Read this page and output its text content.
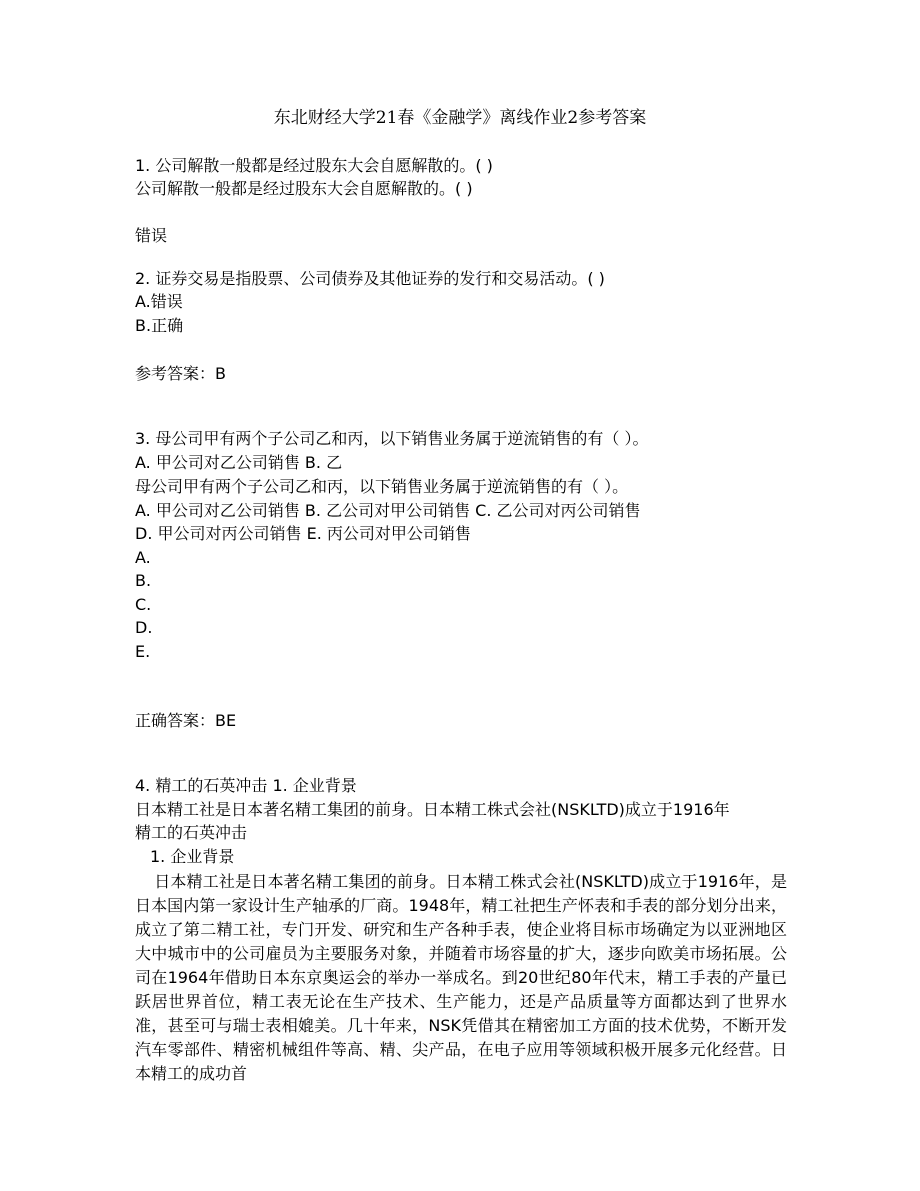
东北财经大学21春《金融学》离线作业2参考答案
1. 公司解散一般都是经过股东大会自愿解散的。( )
公司解散一般都是经过股东大会自愿解散的。( )
错误
2. 证券交易是指股票、公司债券及其他证券的发行和交易活动。( )
A.错误
B.正确
参考答案：B
3. 母公司甲有两个子公司乙和丙，以下销售业务属于逆流销售的有（ ）。
A. 甲公司对乙公司销售 B. 乙
母公司甲有两个子公司乙和丙，以下销售业务属于逆流销售的有（ ）。
A. 甲公司对乙公司销售 B. 乙公司对甲公司销售 C. 乙公司对丙公司销售
D. 甲公司对丙公司销售 E. 丙公司对甲公司销售
A.
B.
C.
D.
E.
正确答案：BE
4. 精工的石英冲击 1. 企业背景
日本精工社是日本著名精工集团的前身。日本精工株式会社(NSKLTD)成立于1916年
精工的石英冲击
1. 企业背景
日本精工社是日本著名精工集团的前身。日本精工株式会社(NSKLTD)成立于1916年，是日本国内第一家设计生产轴承的厂商。1948年，精工社把生产怀表和手表的部分划分出来，成立了第二精工社，专门开发、研究和生产各种手表，使企业将目标市场确定为以亚洲地区大中城市中的公司雇员为主要服务对象，并随着市场容量的扩大，逐步向欧美市场拓展。公司在1964年借助日本东京奥运会的举办一举成名。到20世纪80年代末，精工手表的产量已跃居世界首位，精工表无论在生产技术、生产能力，还是产品质量等方面都达到了世界水准，甚至可与瑞士表相媲美。几十年来，NSK凭借其在精密加工方面的技术优势，不断开发汽车零部件、精密机械组件等高、精、尖产品，在电子应用等领域积极开展多元化经营。日本精工的成功首
